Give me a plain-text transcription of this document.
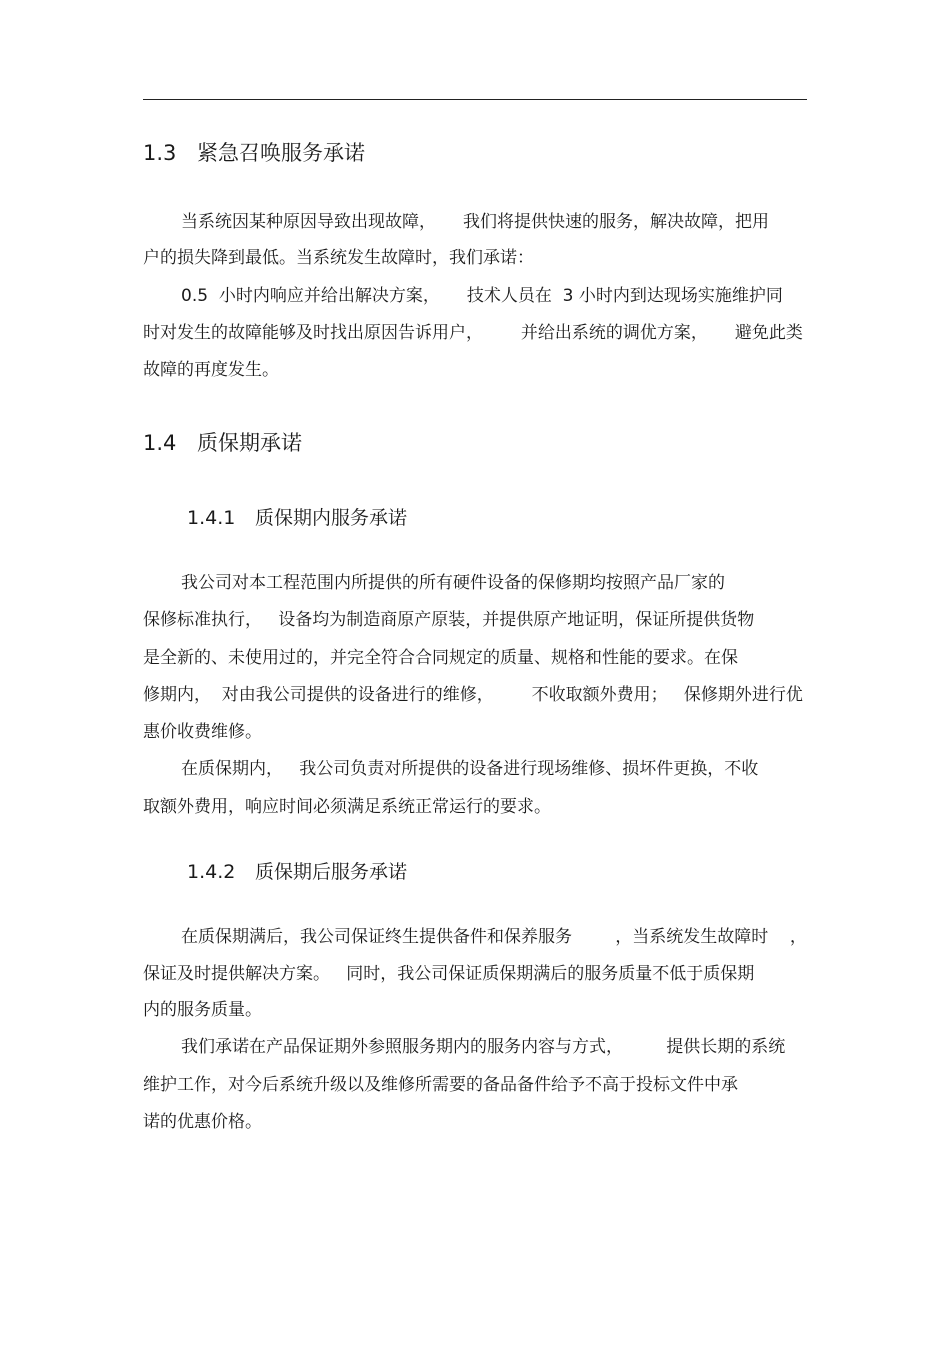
1.3 紧急召唤服务承诺
当系统因某种原因导致出现故障，     我们将提供快速的服务，解决故障，把用
户的损失降到最低。当系统发生故障时，我们承诺：
0.5  小时内响应并给出解决方案，     技术人员在  3 小时内到达现场实施维护同
时对发生的故障能够及时找出原因告诉用户，       并给出系统的调优方案，     避免此类
故障的再度发生。
1.4 质保期承诺
1.4.1 质保期内服务承诺
我公司对本工程范围内所提供的所有硬件设备的保修期均按照产品厂家的
保修标准执行，   设备均为制造商原产原装，并提供原产地证明，保证所提供货物
是全新的、未使用过的，并完全符合合同规定的质量、规格和性能的要求。在保
修期内，  对由我公司提供的设备进行的维修，       不收取额外费用；   保修期外进行优
惠价收费维修。
在质保期内，   我公司负责对所提供的设备进行现场维修、损坏件更换，不收
取额外费用，响应时间必须满足系统正常运行的要求。
1.4.2 质保期后服务承诺
在质保期满后，我公司保证终生提供备件和保养服务        ，当系统发生故障时    ，
保证及时提供解决方案。   同时，我公司保证质保期满后的服务质量不低于质保期
内的服务质量。
我们承诺在产品保证期外参照服务期内的服务内容与方式，        提供长期的系统
维护工作，对今后系统升级以及维修所需要的备品备件给予不高于投标文件中承
诺的优惠价格。
